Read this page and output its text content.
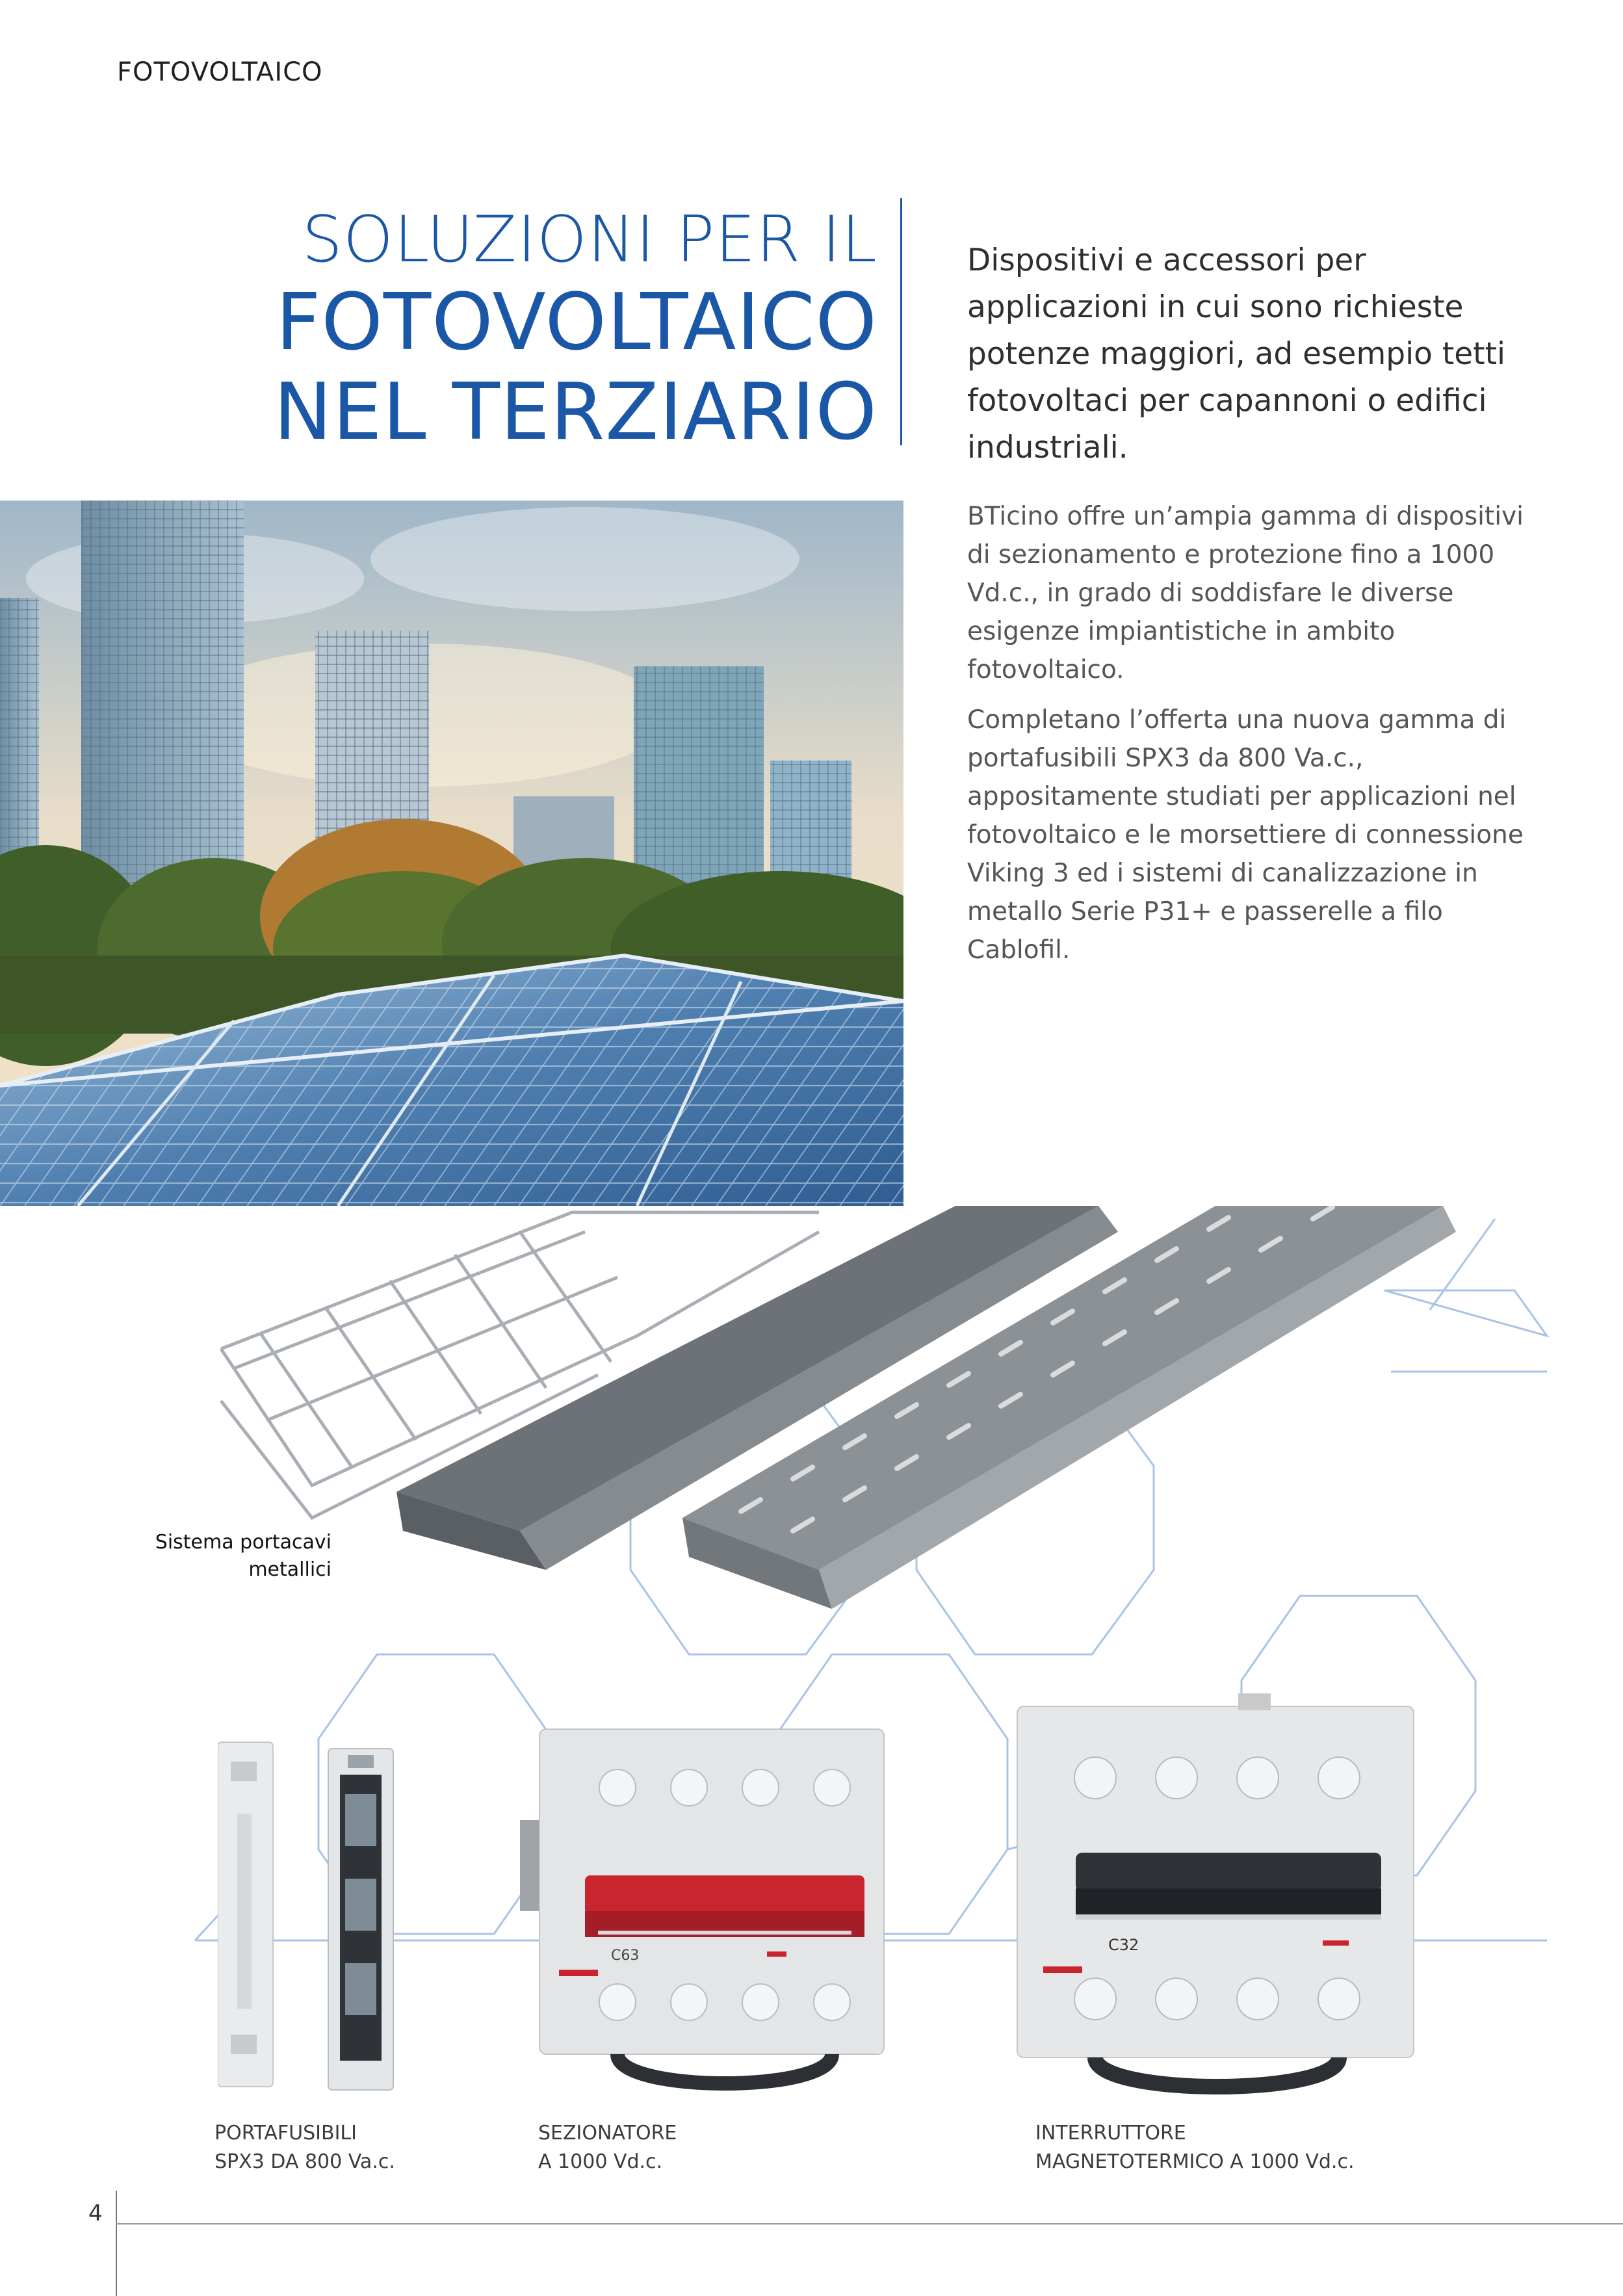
FOTOVOLTAICO
SOLUZIONI PER IL
FOTOVOLTAICO
NEL TERZIARIO
Dispositivi e accessori per applicazioni in cui sono richieste potenze maggiori, ad esempio tetti fotovoltaci per capannoni o edifici industriali.
BTicino offre un’ampia gamma di dispositivi di sezionamento e protezione fino a 1000 Vd.c., in grado di soddisfare le diverse esigenze impiantistiche in ambito fotovoltaico.
Completano l’offerta una nuova gamma di portafusibili SPX3 da 800 Va.c., appositamente studiati per applicazioni nel fotovoltaico e le morsettiere di connessione Viking 3 ed i sistemi di canalizzazione in metallo Serie P31+ e passerelle a filo Cablofil.
Sistema portacavi
metallici
C63
C32
PORTAFUSIBILI
SPX3 DA 800 Va.c.
SEZIONATORE
A 1000 Vd.c.
INTERRUTTORE
MAGNETOTERMICO A 1000 Vd.c.
4
